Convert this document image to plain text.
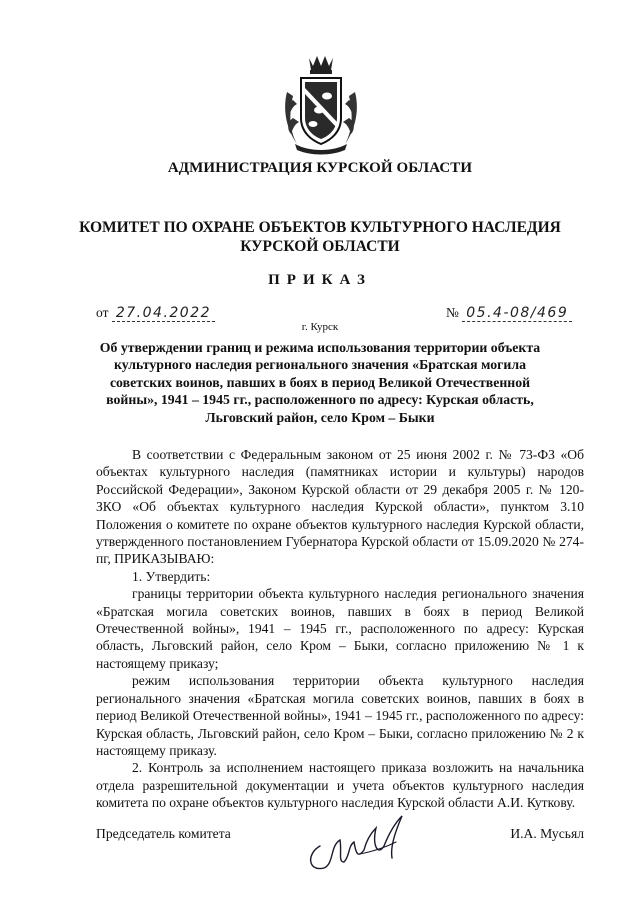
АДМИНИСТРАЦИЯ КУРСКОЙ ОБЛАСТИ
КОМИТЕТ ПО ОХРАНЕ ОБЪЕКТОВ КУЛЬТУРНОГО НАСЛЕДИЯ
КУРСКОЙ ОБЛАСТИ
ПРИКАЗ
от 27.04.2022	№ 05.4-08/469
г. Курск
Об утверждении границ и режима использования территории объекта культурного наследия регионального значения «Братская могила советских воинов, павших в боях в период Великой Отечественной войны», 1941 – 1945 гг., расположенного по адресу: Курская область, Льговский район, село Кром – Быки

В соответствии с Федеральным законом от 25 июня 2002 г. № 73-ФЗ «Об объектах культурного наследия (памятниках истории и культуры) народов Российской Федерации», Законом Курской области от 29 декабря 2005 г. № 120-ЗКО «Об объектах культурного наследия Курской области», пунктом 3.10 Положения о комитете по охране объектов культурного наследия Курской области, утвержденного постановлением Губернатора Курской области от 15.09.2020 № 274-пг, ПРИКАЗЫВАЮ:

1. Утвердить:

границы территории объекта культурного наследия регионального значения «Братская могила советских воинов, павших в боях в период Великой Отечественной войны», 1941 – 1945 гг., расположенного по адресу: Курская область, Льговский район, село Кром – Быки, согласно приложению № 1 к настоящему приказу;

режим использования территории объекта культурного наследия регионального значения «Братская могила советских воинов, павших в боях в период Великой Отечественной войны», 1941 – 1945 гг., расположенного по адресу: Курская область, Льговский район, село Кром – Быки, согласно приложению № 2 к настоящему приказу.

2. Контроль за исполнением настоящего приказа возложить на начальника отдела разрешительной документации и учета объектов культурного наследия комитета по охране объектов культурного наследия Курской области А.И. Куткову.

Председатель комитета	И.А. Мусьял
